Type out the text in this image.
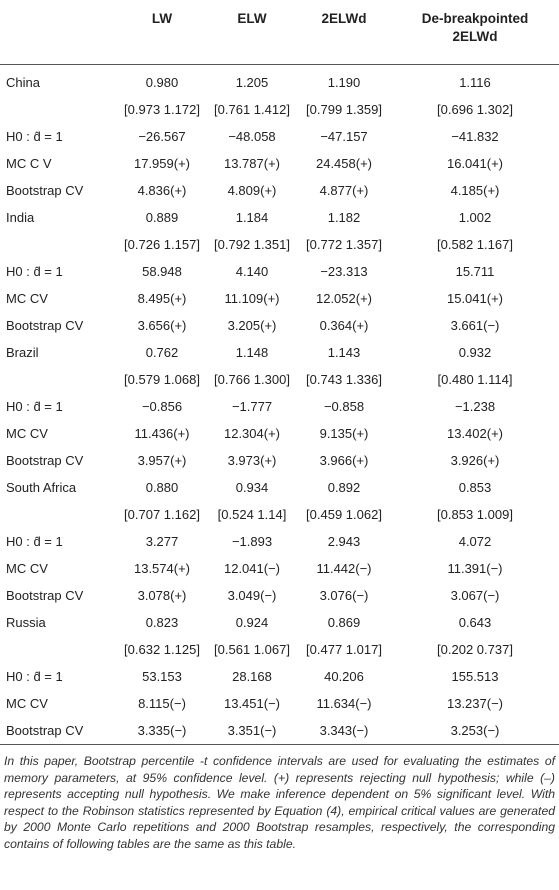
	LW	ELW	2ELWd	De-breakpointed 2ELWd
China	0.980	1.205	1.190	1.116
	[0.973 1.172]	[0.761 1.412]	[0.799 1.359]	[0.696 1.302]
H0 : d̂ = 1	−26.567	−48.058	−47.157	−41.832
MC C V	17.959(+)	13.787(+)	24.458(+)	16.041(+)
Bootstrap CV	4.836(+)	4.809(+)	4.877(+)	4.185(+)
India	0.889	1.184	1.182	1.002
	[0.726 1.157]	[0.792 1.351]	[0.772 1.357]	[0.582 1.167]
H0 : d̂ = 1	58.948	4.140	−23.313	15.711
MC CV	8.495(+)	11.109(+)	12.052(+)	15.041(+)
Bootstrap CV	3.656(+)	3.205(+)	0.364(+)	3.661(−)
Brazil	0.762	1.148	1.143	0.932
	[0.579 1.068]	[0.766 1.300]	[0.743 1.336]	[0.480 1.114]
H0 : d̂ = 1	−0.856	−1.777	−0.858	−1.238
MC CV	11.436(+)	12.304(+)	9.135(+)	13.402(+)
Bootstrap CV	3.957(+)	3.973(+)	3.966(+)	3.926(+)
South Africa	0.880	0.934	0.892	0.853
	[0.707 1.162]	[0.524 1.14]	[0.459 1.062]	[0.853 1.009]
H0 : d̂ = 1	3.277	−1.893	2.943	4.072
MC CV	13.574(+)	12.041(−)	11.442(−)	11.391(−)
Bootstrap CV	3.078(+)	3.049(−)	3.076(−)	3.067(−)
Russia	0.823	0.924	0.869	0.643
	[0.632 1.125]	[0.561 1.067]	[0.477 1.017]	[0.202 0.737]
H0 : d̂ = 1	53.153	28.168	40.206	155.513
MC CV	8.115(−)	13.451(−)	11.634(−)	13.237(−)
Bootstrap CV	3.335(−)	3.351(−)	3.343(−)	3.253(−)
In this paper, Bootstrap percentile -t confidence intervals are used for evaluating the estimates of memory parameters, at 95% confidence level. (+) represents rejecting null hypothesis; while (–) represents accepting null hypothesis. We make inference dependent on 5% significant level. With respect to the Robinson statistics represented by Equation (4), empirical critical values are generated by 2000 Monte Carlo repetitions and 2000 Bootstrap resamples, respectively, the corresponding contains of following tables are the same as this table.
